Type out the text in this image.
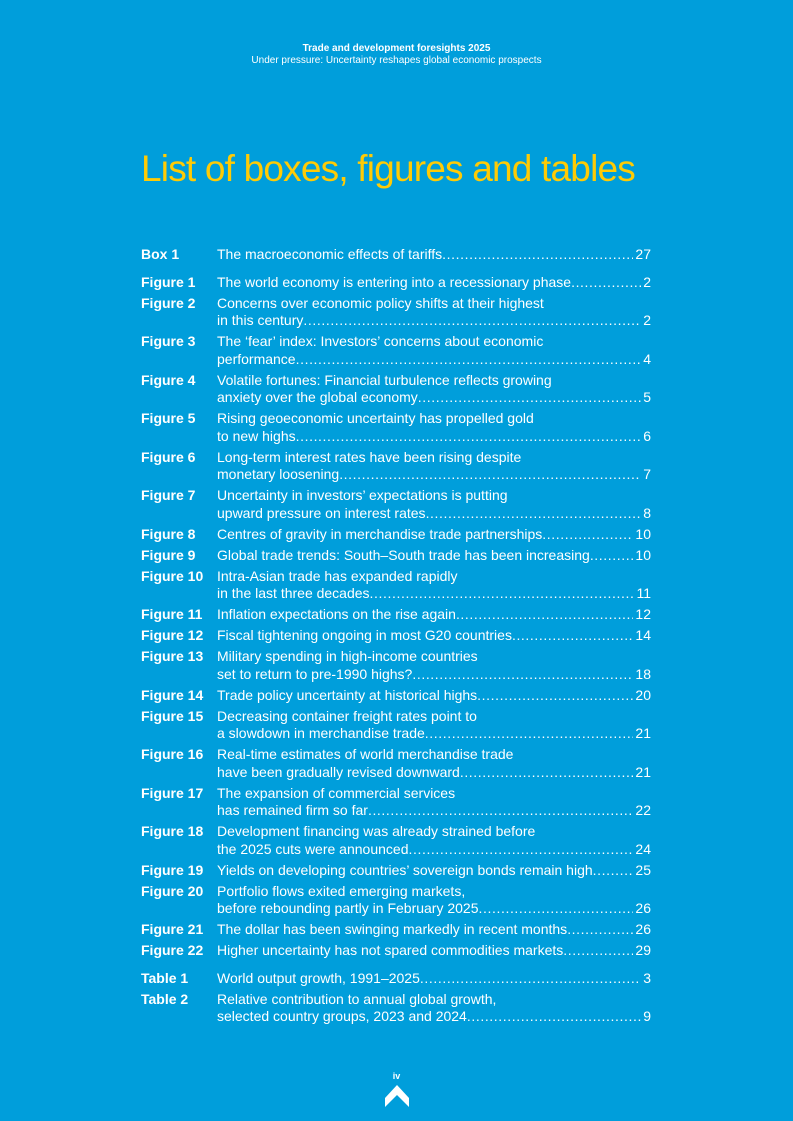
Trade and development foresights 2025
Under pressure: Uncertainty reshapes global economic prospects
List of boxes, figures and tables
Box 1	The macroeconomic effects of tariffs .....	27
Figure 1	The world economy is entering into a recessionary phase .....	2
Figure 2	Concerns over economic policy shifts at their highest
in this century .....	2
Figure 3	The ‘fear’ index: Investors’ concerns about economic
performance .....	4
Figure 4	Volatile fortunes: Financial turbulence reflects growing
anxiety over the global economy .....	5
Figure 5	Rising geoeconomic uncertainty has propelled gold
to new highs .....	6
Figure 6	Long-term interest rates have been rising despite
monetary loosening .....	7
Figure 7	Uncertainty in investors’ expectations is putting
upward pressure on interest rates .....	8
Figure 8	Centres of gravity in merchandise trade partnerships .....	10
Figure 9	Global trade trends: South–South trade has been increasing .....	10
Figure 10 Intra-Asian trade has expanded rapidly
in the last three decades .....	11
Figure 11	Inflation expectations on the rise again .....	12
Figure 12 Fiscal tightening ongoing in most G20 countries .....	14
Figure 13 Military spending in high-income countries
set to return to pre-1990 highs? .....	18
Figure 14 Trade policy uncertainty at historical highs .....	20
Figure 15 Decreasing container freight rates point to
a slowdown in merchandise trade .....	21
Figure 16 Real-time estimates of world merchandise trade
have been gradually revised downward .....	21
Figure 17 The expansion of commercial services
has remained firm so far .....	22
Figure 18 Development financing was already strained before
the 2025 cuts were announced .....	24
Figure 19 Yields on developing countries’ sovereign bonds remain high .....	25
Figure 20 Portfolio flows exited emerging markets,
before rebounding partly in February 2025 .....	26
Figure 21 The dollar has been swinging markedly in recent months .....	26
Figure 22 Higher uncertainty has not spared commodities markets .....	29
Table 1	World output growth, 1991–2025 .....	3
Table 2	Relative contribution to annual global growth,
selected country groups, 2023 and 2024 .....	9
iv
